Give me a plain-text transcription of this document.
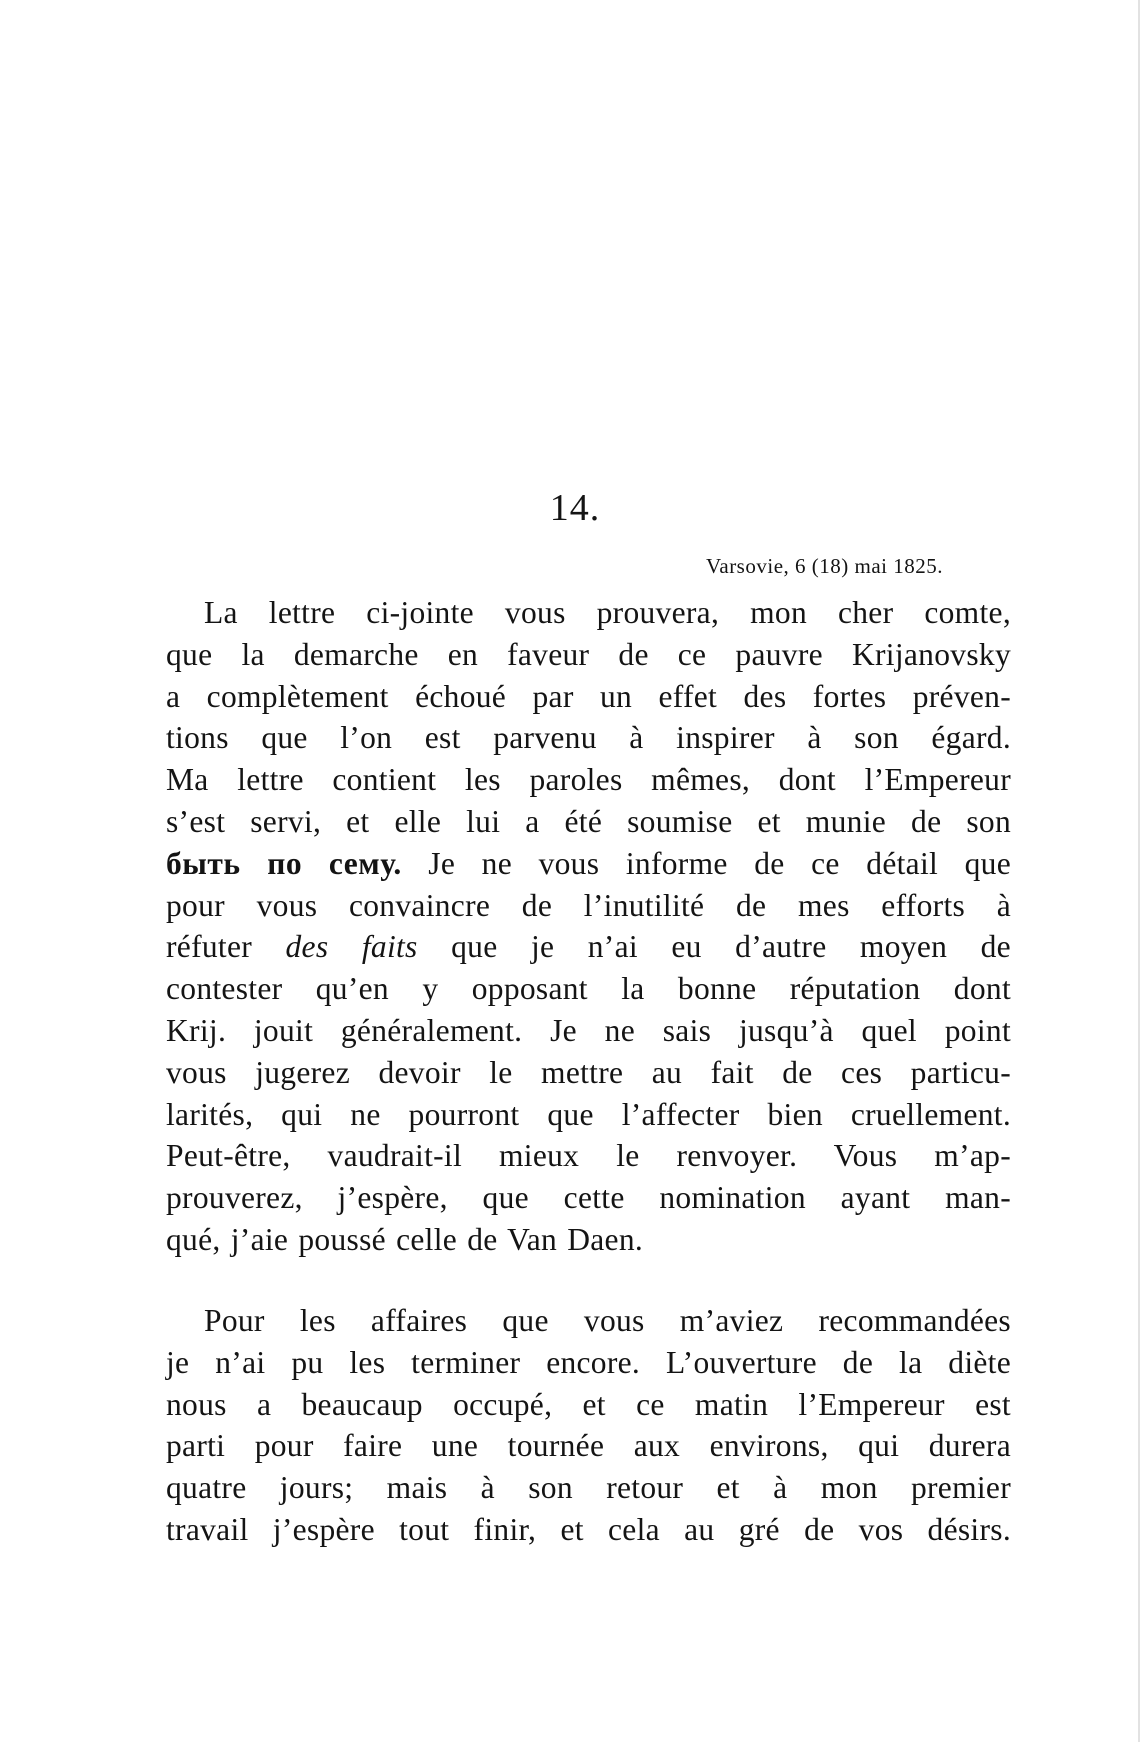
14.
Varsovie, 6 (18) mai 1825.
La lettre ci-jointe vous prouvera, mon cher comte,
que la demarche en faveur de ce pauvre Krijanovsky
a complètement échoué par un effet des fortes préven-
tions que l’on est parvenu à inspirer à son égard.
Ma lettre contient les paroles mêmes, dont l’Empereur
s’est servi, et elle lui a été soumise et munie de son
быть по сему. Je ne vous informe de ce détail que
pour vous convaincre de l’inutilité de mes efforts à
réfuter des faits que je n’ai eu d’autre moyen de
contester qu’en y opposant la bonne réputation dont
Krij. jouit généralement. Je ne sais jusqu’à quel point
vous jugerez devoir le mettre au fait de ces particu-
larités, qui ne pourront que l’affecter bien cruellement.
Peut-être, vaudrait-il mieux le renvoyer. Vous m’ap-
prouverez, j’espère, que cette nomination ayant man-
qué, j’aie poussé celle de Van Daen.
Pour les affaires que vous m’aviez recommandées
je n’ai pu les terminer encore. L’ouverture de la diète
nous a beaucaup occupé, et ce matin l’Empereur est
parti pour faire une tournée aux environs, qui durera
quatre jours; mais à son retour et à mon premier
travail j’espère tout finir, et cela au gré de vos désirs.
